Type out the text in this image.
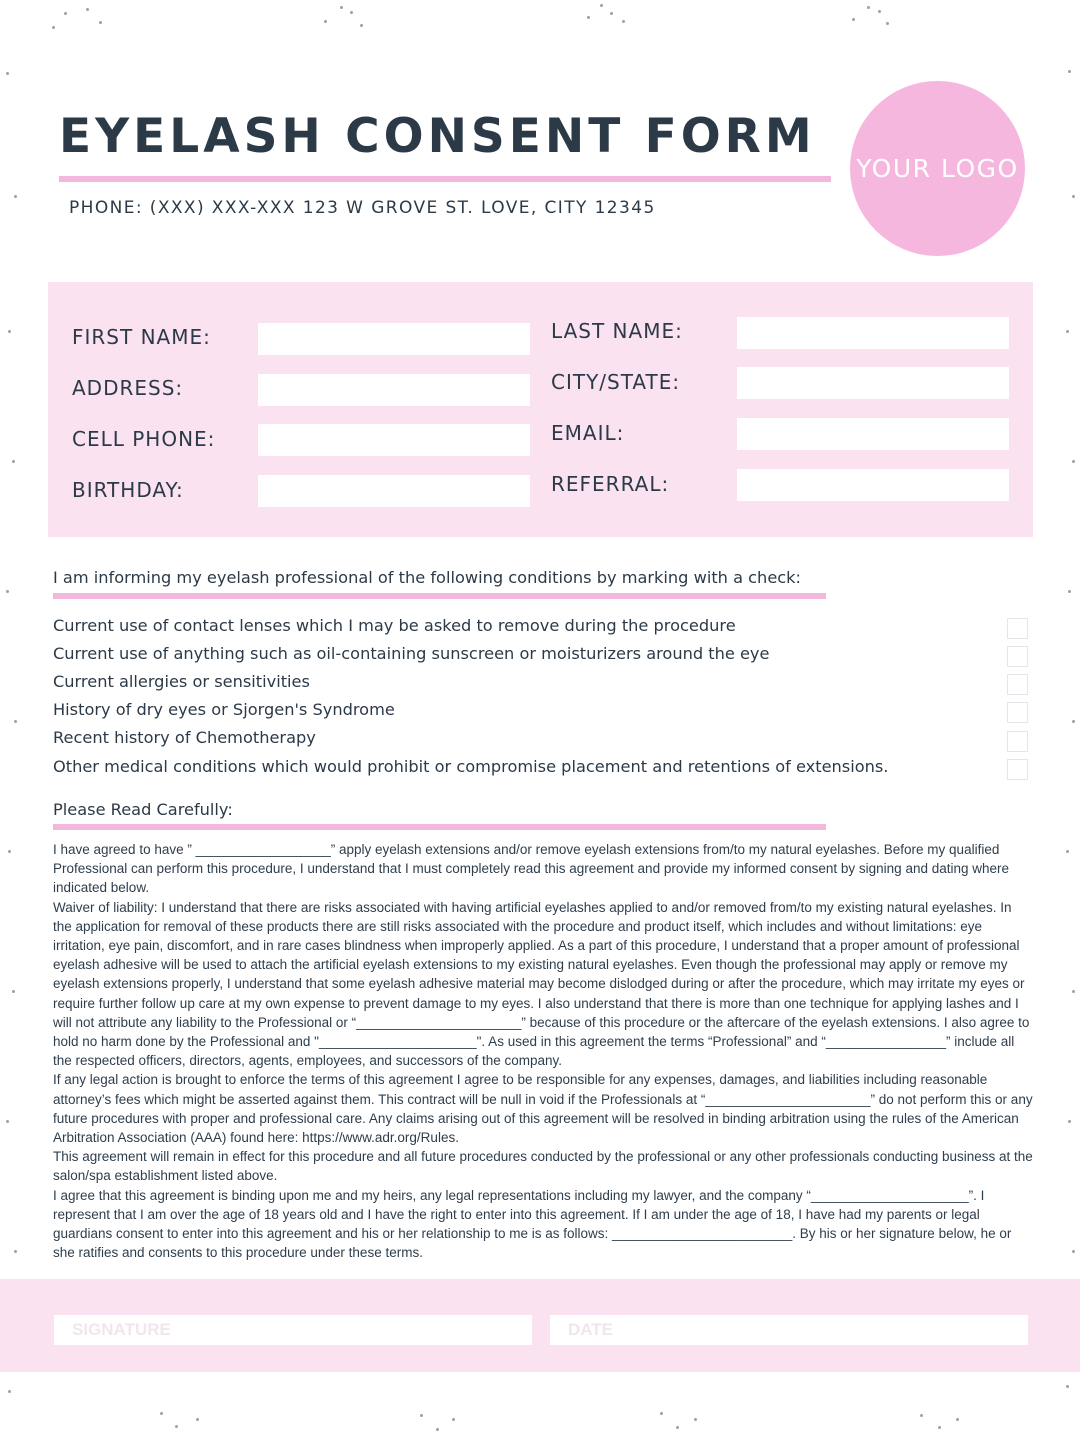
EYELASH CONSENT FORM
PHONE: (XXX) XXX-XXX 123 W GROVE ST. LOVE, CITY 12345
YOUR LOGO
FIRST NAME:
ADDRESS:
CELL PHONE:
BIRTHDAY:
LAST NAME:
CITY/STATE:
EMAIL:
REFERRAL:
I am informing my eyelash professional of the following conditions by marking with a check:
Current use of contact lenses which I may be asked to remove during the procedure
Current use of anything such as oil-containing sunscreen or moisturizers around the eye
Current allergies or sensitivities
History of dry eyes or Sjorgen's Syndrome
Recent history of Chemotherapy
Other medical conditions which would prohibit or compromise placement and retentions of extensions.
Please Read Carefully:

I have agreed to have ” __________________” apply eyelash extensions and/or remove eyelash extensions from/to my natural eyelashes. Before my qualified Professional can perform this procedure, I understand that I must completely read this agreement and provide my informed consent by signing and dating where indicated below.

Waiver of liability: I understand that there are risks associated with having artificial eyelashes applied to and/or removed from/to my existing natural eyelashes. In the application for removal of these products there are still risks associated with the procedure and product itself, which includes and without limitations: eye irritation, eye pain, discomfort, and in rare cases blindness when improperly applied. As a part of this procedure, I understand that a proper amount of professional eyelash adhesive will be used to attach the artificial eyelash extensions to my existing natural eyelashes. Even though the professional may apply or remove my eyelash extensions properly, I understand that some eyelash adhesive material may become dislodged during or after the procedure, which may irritate my eyes or require further follow up care at my own expense to prevent damage to my eyes. I also understand that there is more than one technique for applying lashes and I will not attribute any liability to the Professional or “______________________” because of this procedure or the aftercare of the eyelash extensions. I also agree to hold no harm done by the Professional and "_____________________". As used in this agreement the terms “Professional” and “________________” include all the respected officers, directors, agents, employees, and successors of the company.

If any legal action is brought to enforce the terms of this agreement I agree to be responsible for any expenses, damages, and liabilities including reasonable attorney’s fees which might be asserted against them. This contract will be null in void if the Professionals at “______________________” do not perform this or any future procedures with proper and professional care. Any claims arising out of this agreement will be resolved in binding arbitration using the rules of the American Arbitration Association (AAA) found here: https://www.adr.org/Rules.

This agreement will remain in effect for this procedure and all future procedures conducted by the professional or any other professionals conducting business at the salon/spa establishment listed above.

I agree that this agreement is binding upon me and my heirs, any legal representations including my lawyer, and the company “_____________________”. I represent that I am over the age of 18 years old and I have the right to enter into this agreement. If I am under the age of 18, I have had my parents or legal guardians consent to enter into this agreement and his or her relationship to me is as follows: ________________________. By his or her signature below, he or she ratifies and consents to this procedure under these terms.

SIGNATURE	DATE
